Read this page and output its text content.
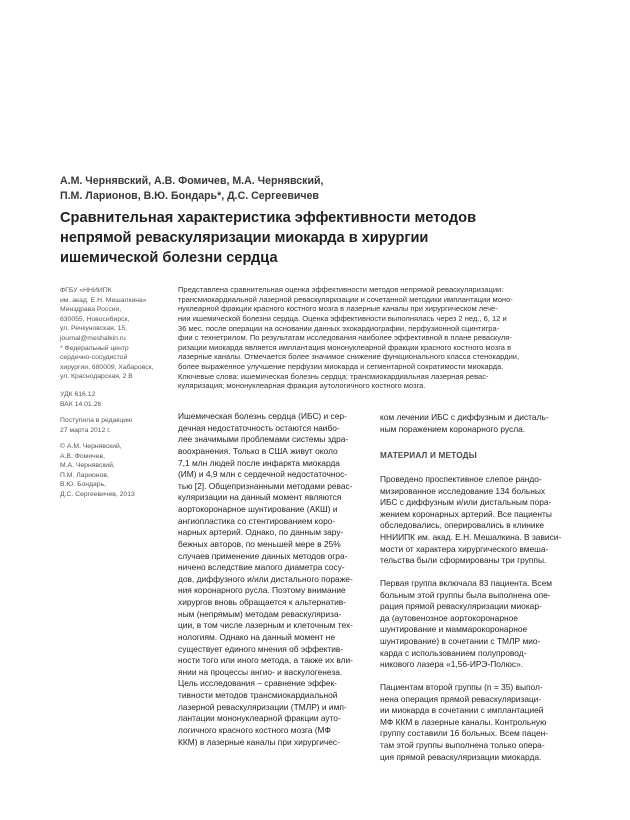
А.М. Чернявский, А.В. Фомичев, М.А. Чернявский,
П.М. Ларионов, В.Ю. Бондарь*, Д.С. Сергеевичев
Сравнительная характеристика эффективности методов
непрямой реваскуляризации миокарда в хирургии
ишемической болезни сердца
ФГБУ «ННИИПК
им. акад. Е.Н. Мешалкина»
Минздрава России,
630055, Новосибирск,
ул. Речкуновская, 15,
journal@meshalkin.ru
* Федеральный центр
сердечно-сосудистой
хирургии, 680009, Хабаровск,
ул. Краснодарская, 2 В
УДК 616.12
ВАК 14.01.26
Поступила в редакцию
27 марта 2012 г.
© А.М. Чернявский,
А.В. Фомичев,
М.А. Чернявский,
П.М. Ларионов,
В.Ю. Бондарь,
Д.С. Сергеевичев, 2013
Представлена сравнительная оценка эффективности методов непрямой реваскуляризации:
трансмиокардиальной лазерной реваскуляризации и сочетанной методики имплантации моно-
нуклеарной фракции красного костного мозга в лазерные каналы при хирургическом лече-
нии ишемической болезни сердца. Оценка эффективности выполнялась через 2 нед., 6, 12 и
36 мес. после операции на основании данных эхокардиографии, перфузионной сцинтигра-
фии с технетрилом. По результатам исследования наиболее эффективной в плане реваскуля-
ризации миокарда является имплантация мононуклеарной фракции красного костного мозга в
лазерные каналы. Отмечается более значимое снижение функционального класса стенокардии,
более выраженное улучшение перфузии миокарда и сегментарной сократимости миокарда.
Ключевые слова: ишемическая болезнь сердца; трансмиокардиальная лазерная реваc-
куляризация; мононуклеарная фракция аутологичного костного мозга.
Ишемическая болезнь сердца (ИБС) и сер-
дечная недостаточность остаются наибо-
лее значимыми проблемами системы здра-
воохранения. Только в США живут около
7,1 млн людей после инфаркта миокарда
(ИМ) и 4,9 млн с сердечной недостаточнос-
тью [2]. Общепризнанными методами ревас-
куляризации на данный момент являются
аортокоронарное шунтирование (АКШ) и
ангиопластика со стентированием коро-
нарных артерий. Однако, по данным зару-
бежных авторов, по меньшей мере в 25%
случаев применение данных методов огра-
ничено вследствие малого диаметра сосу-
дов, диффузного и/или дистального пораже-
ния коронарного русла. Поэтому внимание
хирургов вновь обращается к альтернатив-
ным (непрямым) методам реваскуляриза-
ции, в том числе лазерным и клеточным тех-
нологиям. Однако на данный момент не
существует единого мнения об эффектив-
ности того или иного метода, а также их вли-
янии на процессы ангио- и васкулогенеза.
Цель исследования – сравнение эффек-
тивности методов трансмиокардиальной
лазерной реваскуляризации (ТМЛР) и имп-
лантации мононуклеарной фракции ауто-
логичного красного костного мозга (МФ
ККМ) в лазерные каналы при хирургичес-
ком лечении ИБС с диффузным и дисталь-
ным поражением коронарного русла.
МАТЕРИАЛ И МЕТОДЫ
Проведено проспективное слепое рандо-
мизированное исследование 134 больных
ИБС с диффузным и/или дистальным пора-
жением коронарных артерий. Все пациенты
обследовались, оперировались в клинике
ННИИПК им. акад. Е.Н. Мешалкина. В зависи-
мости от характера хирургического вмеша-
тельства были сформированы три группы.
Первая группа включала 83 пациента. Всем
больным этой группы была выполнена опе-
рация прямой реваскуляризации миокар-
да (аутовенозное аортокоронарное
шунтирование и маммарокоронарное
шунтирование) в сочетании с ТМЛР мио-
карда с использованием полупровод-
никового лазера «1,56-ИРЭ-Полюс».
Пациентам второй группы (n = 35) выпол-
нена операция прямой реваскуляризаци-
ии миокарда в сочетании с имплантацией
МФ ККМ в лазерные каналы. Контрольную
группу составили 16 больных. Всем пацен-
там этой группы выполнена только опера-
ция прямой реваскуляризации миокарда.
